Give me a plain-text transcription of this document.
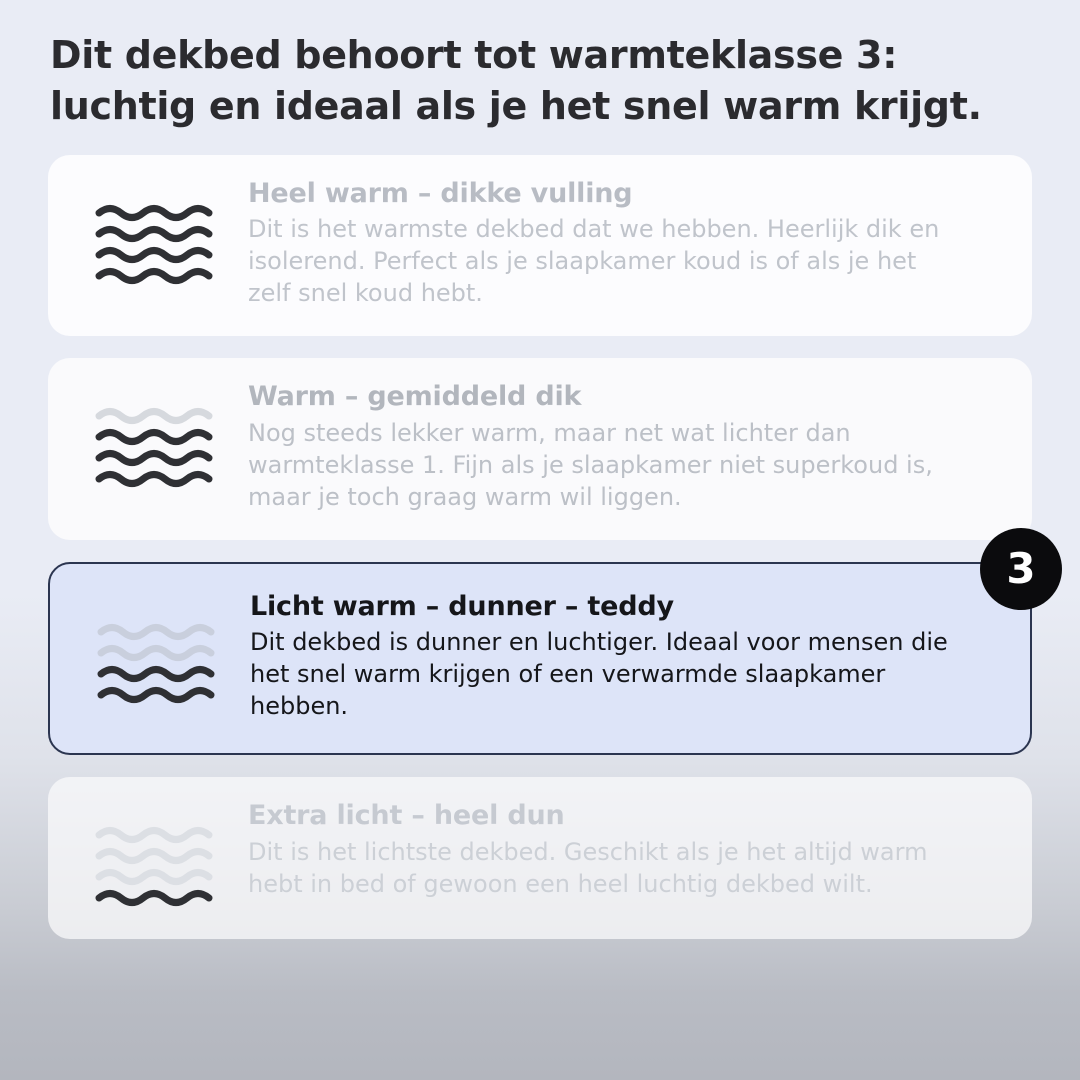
Dit dekbed behoort tot warmteklasse 3:
luchtig en ideaal als je het snel warm krijgt.
Heel warm – dikke vulling

Dit is het warmste dekbed dat we hebben. Heerlijk dik en isolerend. Perfect als je slaapkamer koud is of als je het zelf snel koud hebt.

Warm – gemiddeld dik

Nog steeds lekker warm, maar net wat lichter dan warmteklasse 1. Fijn als je slaapkamer niet superkoud is, maar je toch graag warm wil liggen.

3
Licht warm – dunner – teddy

Dit dekbed is dunner en luchtiger. Ideaal voor mensen die het snel warm krijgen of een verwarmde slaapkamer hebben.

Extra licht – heel dun

Dit is het lichtste dekbed. Geschikt als je het altijd warm hebt in bed of gewoon een heel luchtig dekbed wilt.
